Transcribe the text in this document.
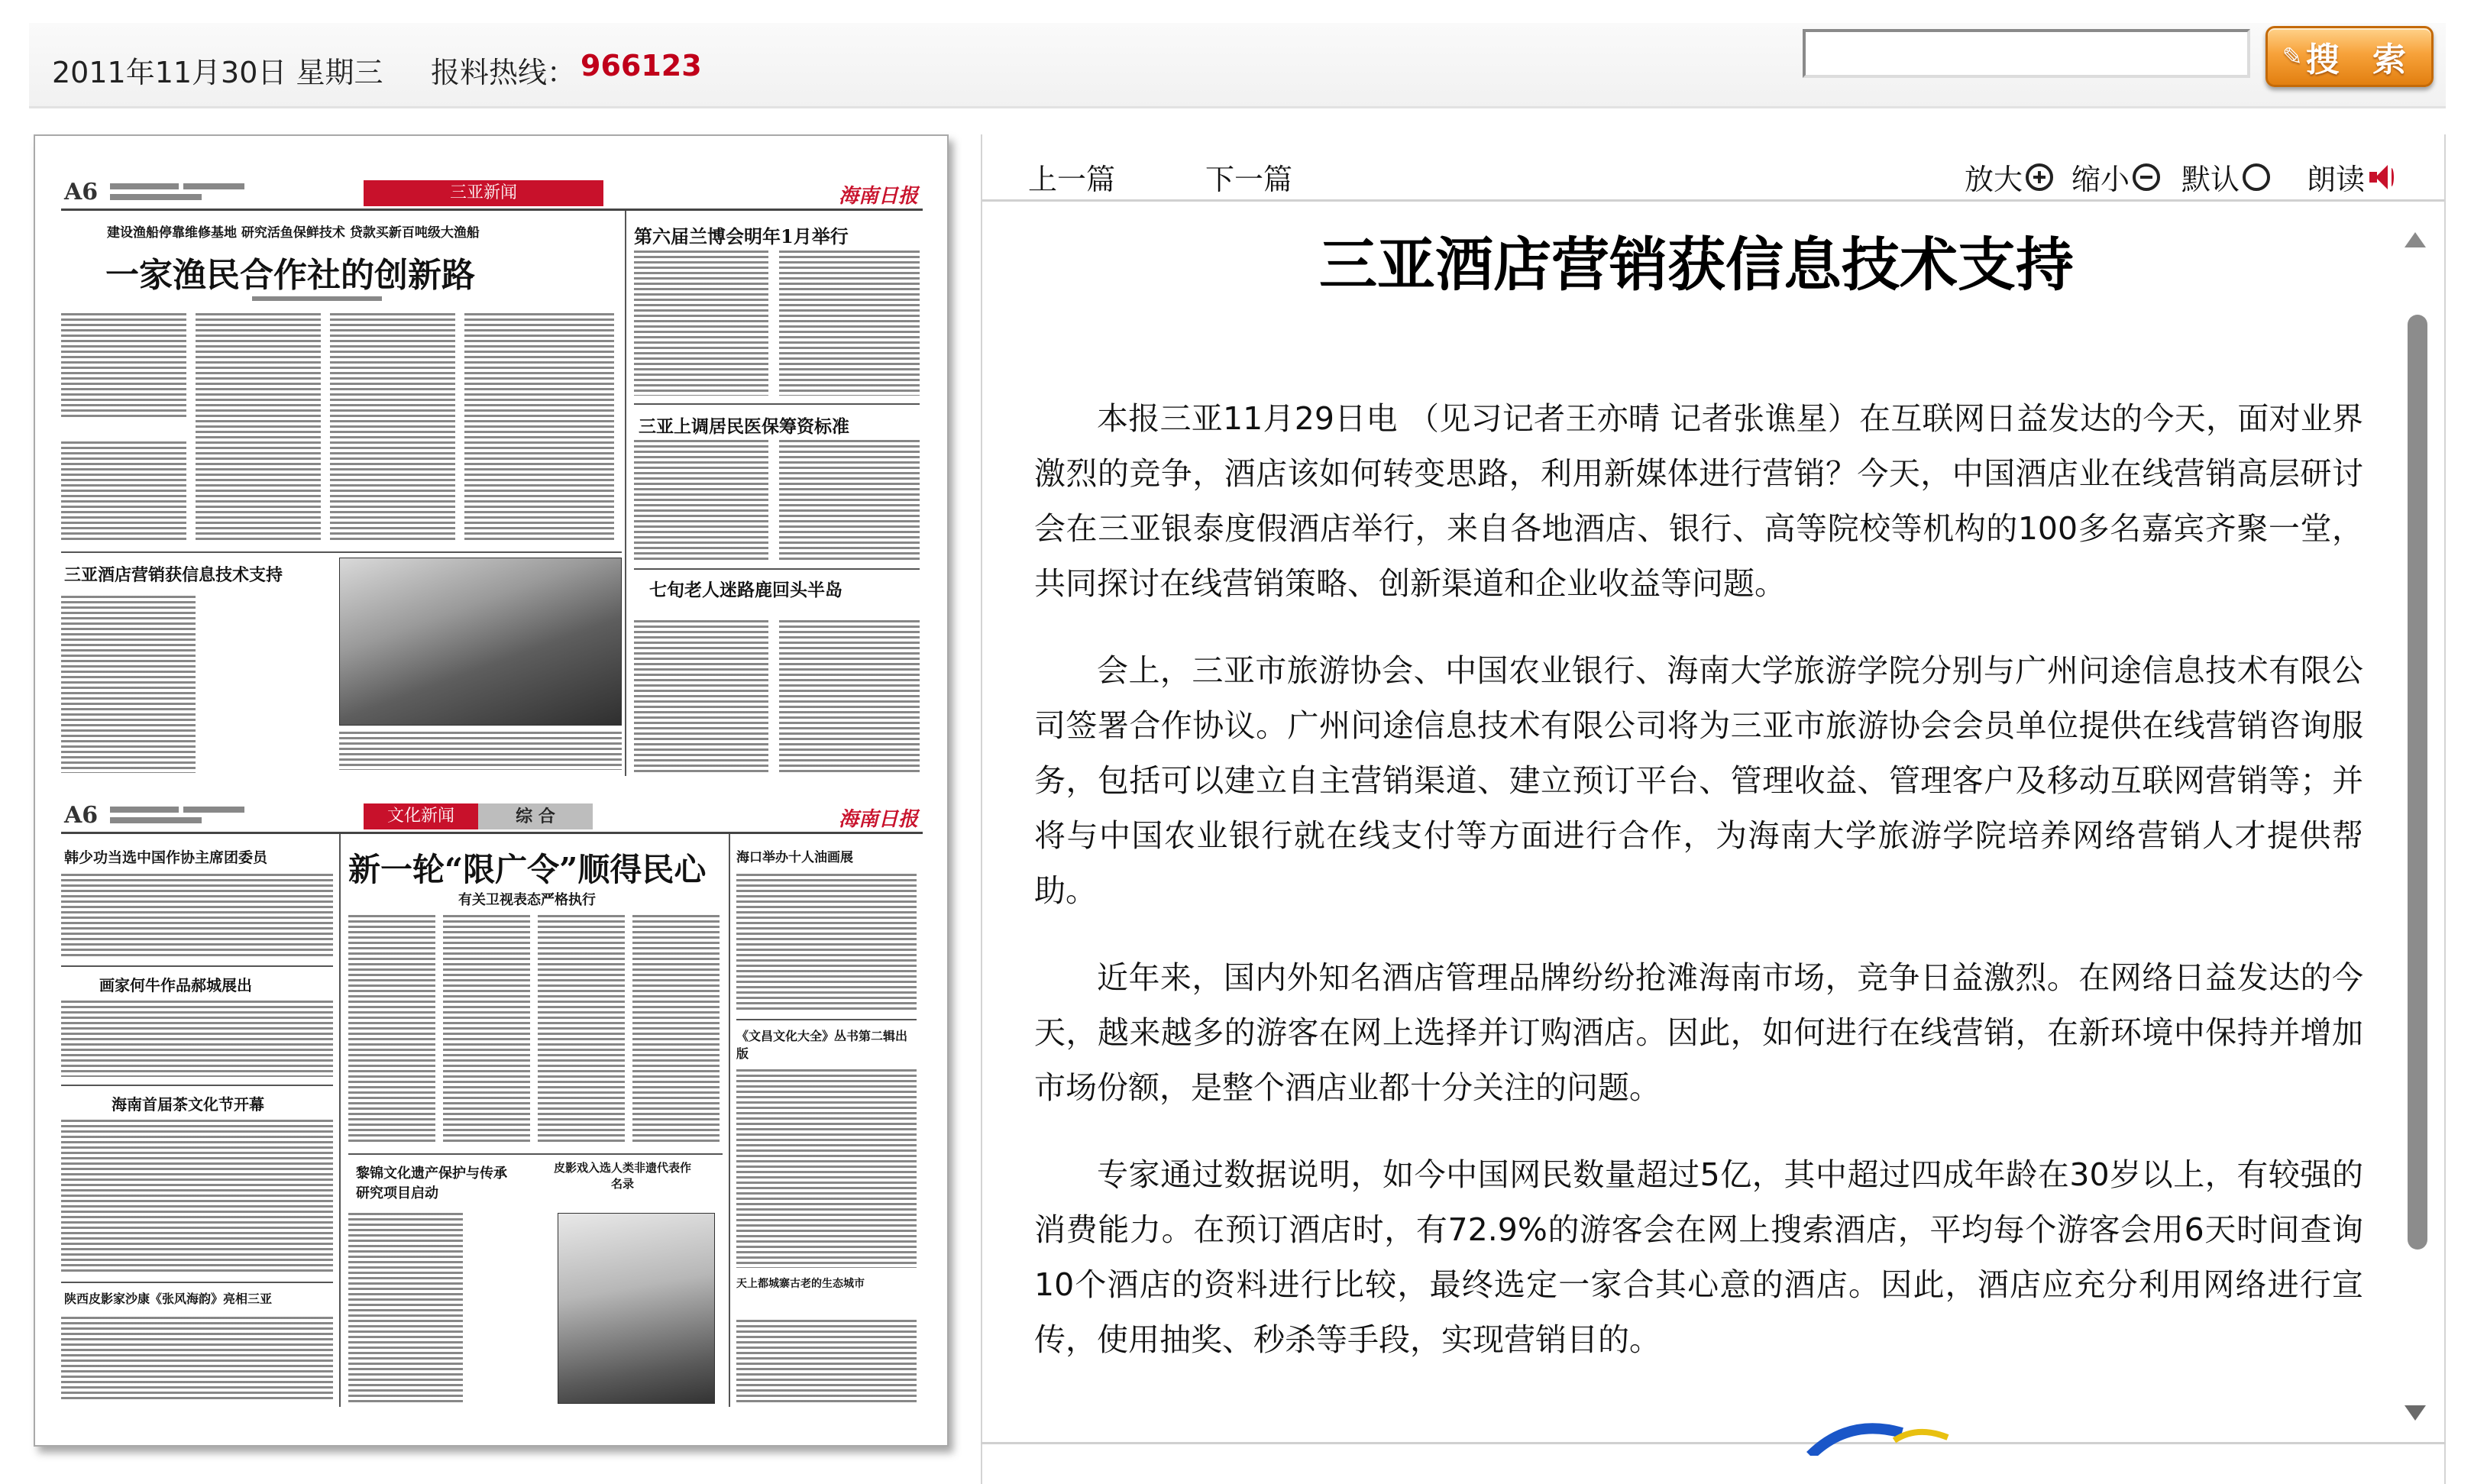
2011年11月30日 星期三 报料热线： 966123	✎ 搜 索
A6	三亚新闻	海南日报
建设渔船停靠维修基地 研究活鱼保鲜技术 贷款买新百吨级大渔船
一家渔民合作社的创新路
第六届兰博会明年1月举行
三亚上调居民医保筹资标准
七旬老人迷路鹿回头半岛
三亚酒店营销获信息技术支持
A6	文化新闻	综 合	海南日报
韩少功当选中国作协主席团委员	新一轮“限广令”顺得民心
有关卫视表态严格执行
海口举办十人油画展
《文昌文化大全》丛书第二辑出版
画家何牛作品郝城展出
海南首届茶文化节开幕
陕西皮影家沙康《张风海韵》亮相三亚
黎锦文化遗产保护与传承研究项目启动
皮影戏入选人类非遗代表作名录
天上都城寨古老的生态城市
上一篇	下一篇	放大 缩小 默认 朗读
三亚酒店营销获信息技术支持

本报三亚11月29日电 （见习记者王亦晴 记者张谯星）在互联网日益发达的今天，面对业界激烈的竞争，酒店该如何转变思路，利用新媒体进行营销？今天，中国酒店业在线营销高层研讨会在三亚银泰度假酒店举行，来自各地酒店、银行、高等院校等机构的100多名嘉宾齐聚一堂，共同探讨在线营销策略、创新渠道和企业收益等问题。

会上，三亚市旅游协会、中国农业银行、海南大学旅游学院分别与广州问途信息技术有限公司签署合作协议。广州问途信息技术有限公司将为三亚市旅游协会会员单位提供在线营销咨询服务，包括可以建立自主营销渠道、建立预订平台、管理收益、管理客户及移动互联网营销等；并将与中国农业银行就在线支付等方面进行合作，为海南大学旅游学院培养网络营销人才提供帮助。

近年来，国内外知名酒店管理品牌纷纷抢滩海南市场，竞争日益激烈。在网络日益发达的今天，越来越多的游客在网上选择并订购酒店。因此，如何进行在线营销，在新环境中保持并增加市场份额，是整个酒店业都十分关注的问题。

专家通过数据说明，如今中国网民数量超过5亿，其中超过四成年龄在30岁以上，有较强的消费能力。在预订酒店时，有72.9%的游客会在网上搜索酒店，平均每个游客会用6天时间查询10个酒店的资料进行比较，最终选定一家合其心意的酒店。因此，酒店应充分利用网络进行宣传，使用抽奖、秒杀等手段，实现营销目的。
